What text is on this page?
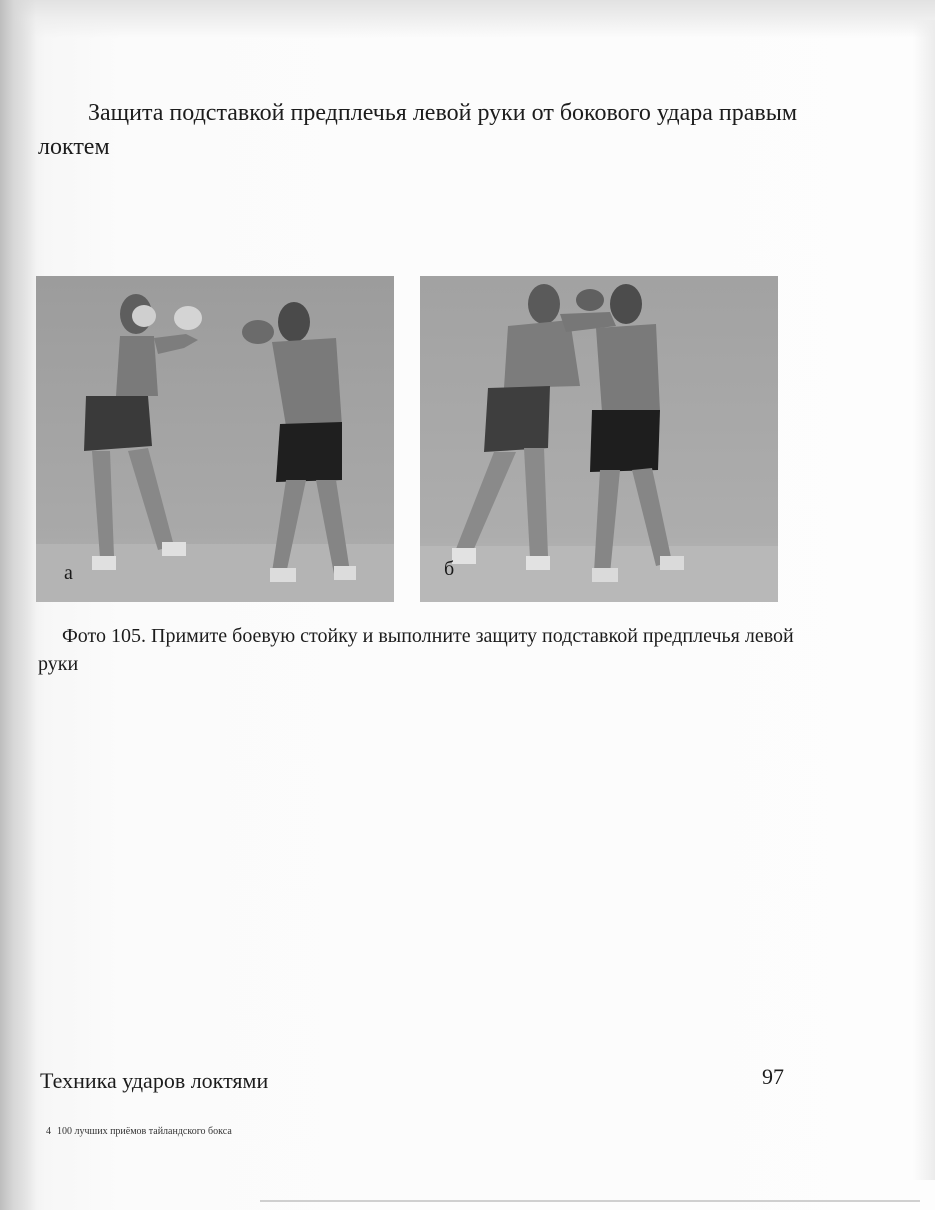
Защита подставкой предплечья левой руки от бокового удара правым локтем

а	б

Фото 105. Примите боевую стойку и выполните защиту подставкой предплечья левой руки

Техника ударов локтями	97
4 100 лучших приёмов тайландского бокса
